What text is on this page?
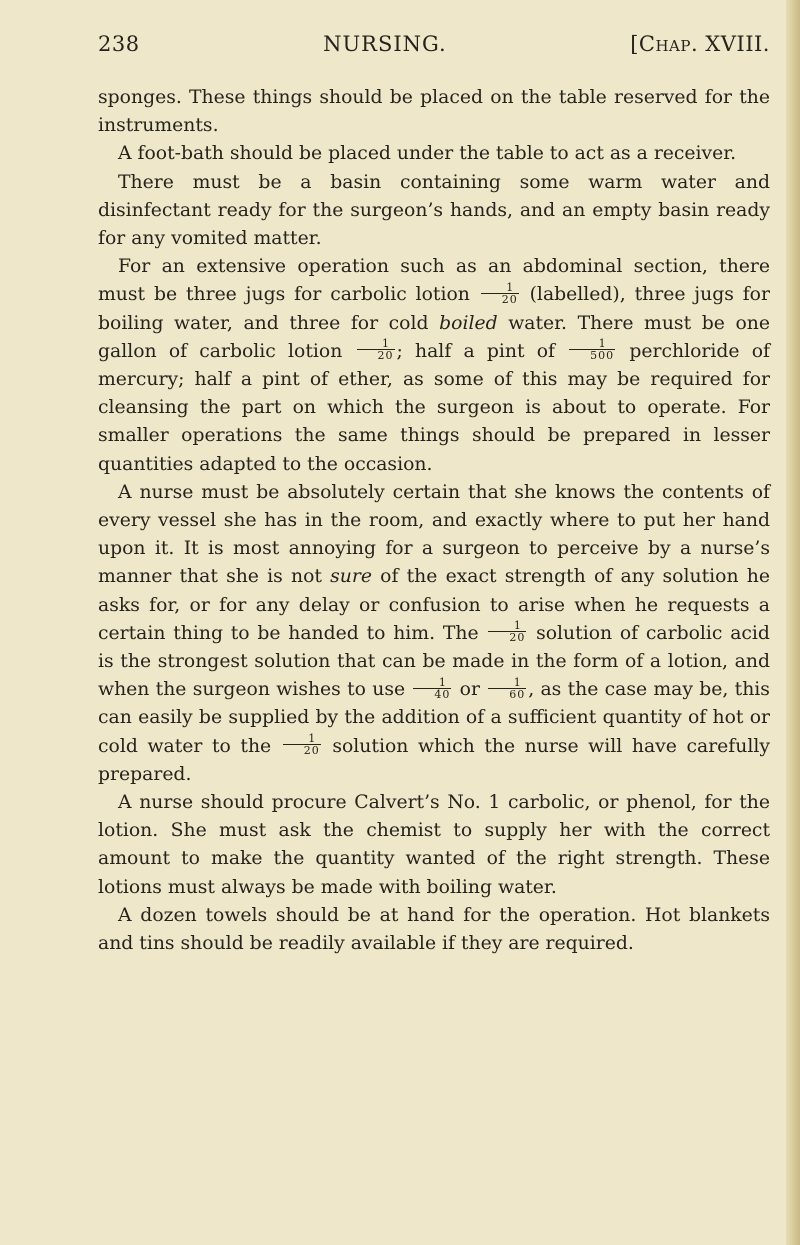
238	NURSING.	[Chap. XVIII.

sponges. These things should be placed on the table reserved for the instruments.

A foot-bath should be placed under the table to act as a receiver.

There must be a basin containing some warm water and disinfectant ready for the surgeon’s hands, and an empty basin ready for any vomited matter.

For an extensive operation such as an abdominal section, there must be three jugs for carbolic lotion $\frac{1}{20}$ (labelled), three jugs for boiling water, and three for cold boiled water. There must be one gallon of carbolic lotion $\frac{1}{20}$ ; half a pint of $\frac{1}{500}$ perchloride of mercury; half a pint of ether, as some of this may be required for cleansing the part on which the surgeon is about to operate. For smaller operations the same things should be prepared in lesser quantities adapted to the occasion.

A nurse must be absolutely certain that she knows the contents of every vessel she has in the room, and exactly where to put her hand upon it. It is most annoying for a surgeon to perceive by a nurse’s manner that she is not sure of the exact strength of any solution he asks for, or for any delay or confusion to arise when he requests a certain thing to be handed to him. The $\frac{1}{20}$ solution of carbolic acid is the strongest solution that can be made in the form of a lotion, and when the surgeon wishes to use $\frac{1}{40}$ or $\frac{1}{60}$ , as the case may be, this can easily be supplied by the addition of a sufficient quantity of hot or cold water to the $\frac{1}{20}$ solution which the nurse will have carefully prepared.

A nurse should procure Calvert’s No. 1 carbolic, or phenol, for the lotion. She must ask the chemist to supply her with the correct amount to make the quantity wanted of the right strength. These lotions must always be made with boiling water.

A dozen towels should be at hand for the operation. Hot blankets and tins should be readily available if they are required.
